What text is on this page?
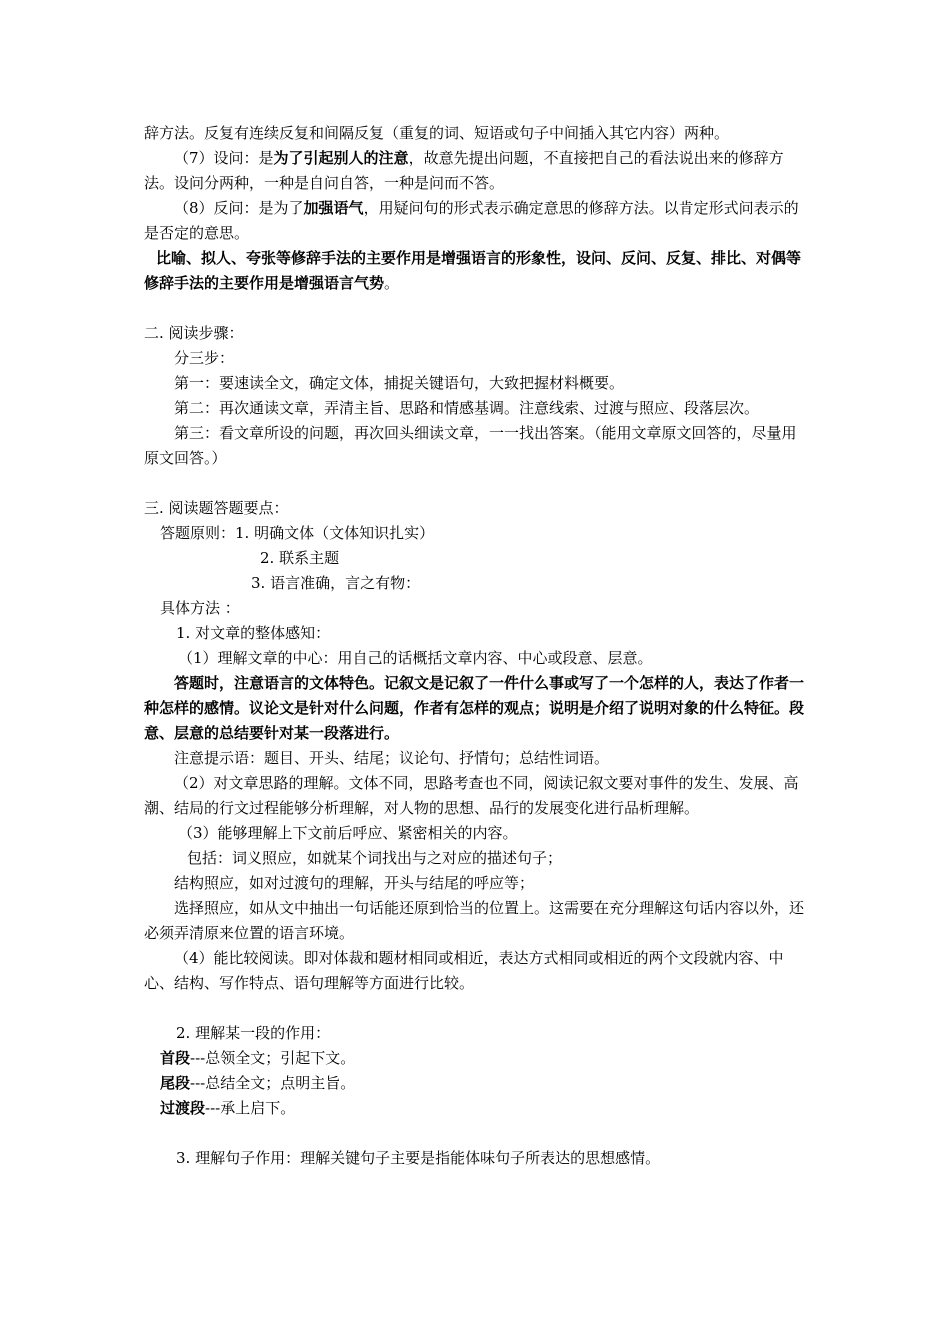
辞方法。反复有连续反复和间隔反复（重复的词、短语或句子中间插入其它内容）两种。

（7）设问：是为了引起别人的注意，故意先提出问题，不直接把自己的看法说出来的修辞方法。设问分两种，一种是自问自答，一种是问而不答。

（8）反问：是为了加强语气，用疑问句的形式表示确定意思的修辞方法。以肯定形式问表示的是否定的意思。

比喻、拟人、夸张等修辞手法的主要作用是增强语言的形象性，设问、反问、反复、排比、对偶等修辞手法的主要作用是增强语言气势。

二. 阅读步骤：

分三步：

第一：要速读全文，确定文体，捕捉关键语句，大致把握材料概要。

第二：再次通读文章，弄清主旨、思路和情感基调。注意线索、过渡与照应、段落层次。

第三：看文章所设的问题，再次回头细读文章，一一找出答案。（能用文章原文回答的，尽量用原文回答。）

三. 阅读题答题要点：

答题原则：1. 明确文体（文体知识扎实）

2. 联系主题

3. 语言准确，言之有物：

具体方法 ：

1. 对文章的整体感知：

（1）理解文章的中心：用自己的话概括文章内容、中心或段意、层意。

答题时，注意语言的文体特色。记叙文是记叙了一件什么事或写了一个怎样的人，表达了作者一种怎样的感情。议论文是针对什么问题，作者有怎样的观点；说明是介绍了说明对象的什么特征。段意、层意的总结要针对某一段落进行。

注意提示语：题目、开头、结尾；议论句、抒情句；总结性词语。

（2）对文章思路的理解。文体不同，思路考查也不同，阅读记叙文要对事件的发生、发展、高潮、结局的行文过程能够分析理解，对人物的思想、品行的发展变化进行品析理解。

（3）能够理解上下文前后呼应、紧密相关的内容。

包括：词义照应，如就某个词找出与之对应的描述句子；

结构照应，如对过渡句的理解，开头与结尾的呼应等；

选择照应，如从文中抽出一句话能还原到恰当的位置上。这需要在充分理解这句话内容以外，还必须弄清原来位置的语言环境。

（4）能比较阅读。即对体裁和题材相同或相近，表达方式相同或相近的两个文段就内容、中心、结构、写作特点、语句理解等方面进行比较。

2. 理解某一段的作用：

首段---总领全文；引起下文。

尾段---总结全文；点明主旨。

过渡段---承上启下。

3. 理解句子作用：理解关键句子主要是指能体味句子所表达的思想感情。
